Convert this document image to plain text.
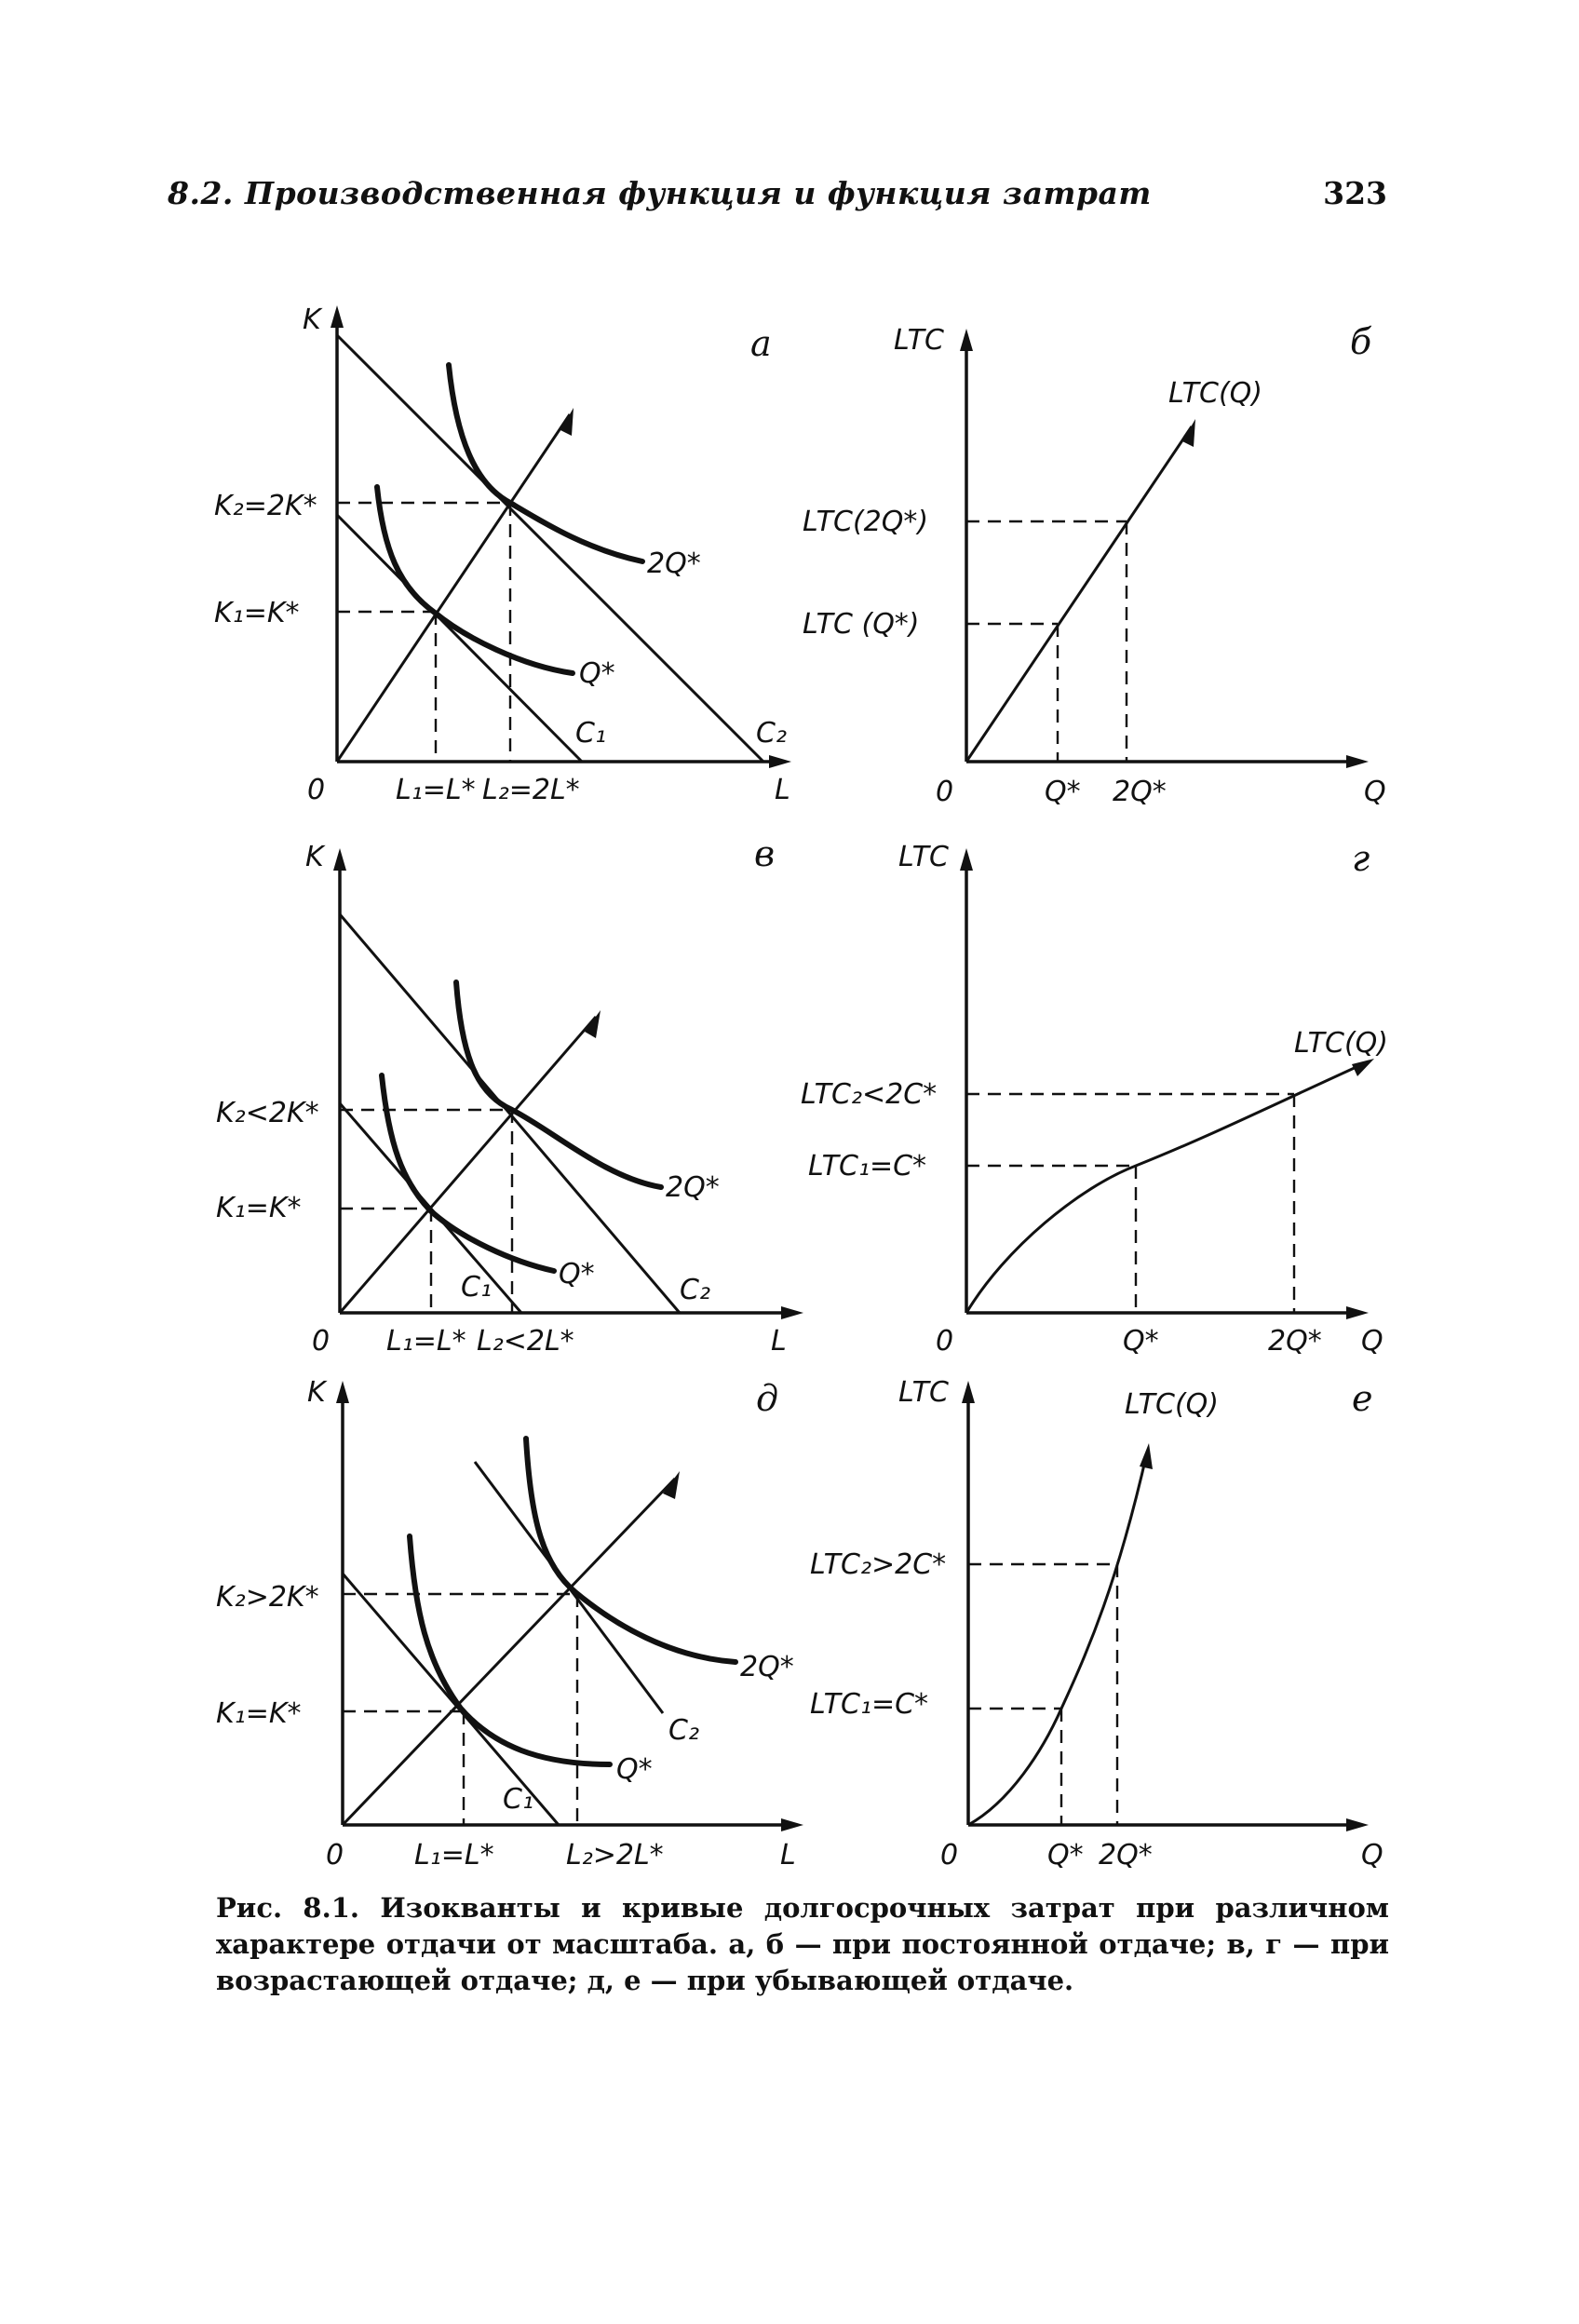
8.2. Производственная функция и функция затрат	323
K
L
0
а
K₂=2K*
K₁=K*
L₁=L* L₂=2L*
2Q*
Q*
C₁	C₂
LTC
Q
0
б
LTC(Q)
LTC(2Q*)
LTC (Q*)
Q* 2Q*
K
L
0
в
K₂<2K*
K₁=K*
L₁=L* L₂<2L*
2Q*
Q*
C₁	C₂
LTC
Q
0
г
LTC(Q)
LTC₂<2C*
LTC₁=C*
Q*	2Q*
K
L
0
д
K₂>2K*
K₁=K*
L₁=L*	L₂>2L*
2Q*
Q*
C₁
C₂
LTC
Q
0
е
LTC(Q)
LTC₂>2C*
LTC₁=C*
Q* 2Q*
Рис. 8.1. Изокванты и кривые долгосрочных затрат при различном характере отдачи от масштаба. а, б — при постоянной отдаче; в, г — при возрастающей отдаче; д, е — при убывающей отдаче.
